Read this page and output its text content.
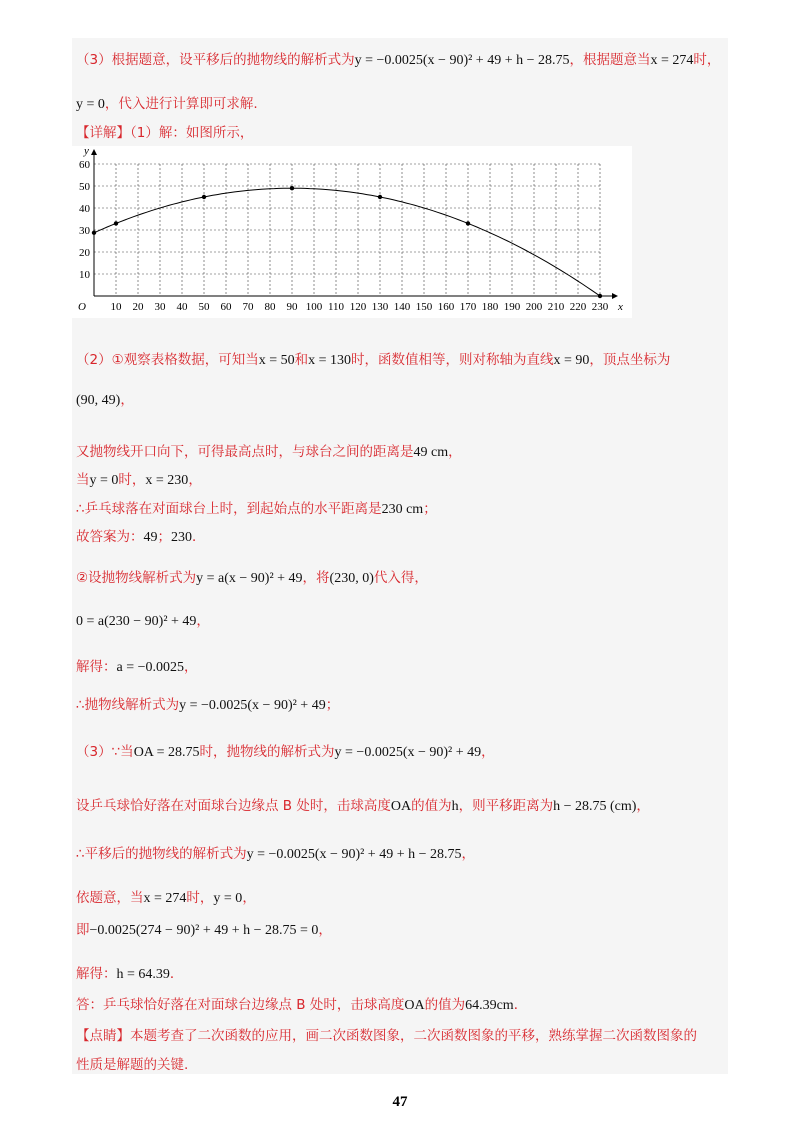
（3）根据题意，设平移后的抛物线的解析式为y = −0.0025(x − 90)² + 49 + h − 28.75，根据题意当x = 274时，
y = 0，代入进行计算即可求解.
【详解】（1）解：如图所示，
10 20 30 40 50 60 70 80 90 100 110 120 130 140 150 160 170 180 190 200 210 220 230
10
20
30
40
50
60
O	x
y
（2）①观察表格数据，可知当x = 50和x = 130时，函数值相等，则对称轴为直线x = 90，顶点坐标为
(90, 49)，
又抛物线开口向下，可得最高点时，与球台之间的距离是49 cm，
当y = 0时，x = 230，
∴乒乓球落在对面球台上时，到起始点的水平距离是230 cm；
故答案为：49；230．
②设抛物线解析式为y = a(x − 90)² + 49，将(230, 0)代入得，
0 = a(230 − 90)² + 49，
解得：a = −0.0025，
∴抛物线解析式为y = −0.0025(x − 90)² + 49；
（3）∵当OA = 28.75时，抛物线的解析式为y = −0.0025(x − 90)² + 49，
设乒乓球恰好落在对面球台边缘点 B 处时，击球高度OA的值为h，则平移距离为h − 28.75 (cm)，
∴平移后的抛物线的解析式为y = −0.0025(x − 90)² + 49 + h − 28.75，
依题意，当x = 274时，y = 0，
即−0.0025(274 − 90)² + 49 + h − 28.75 = 0，
解得：h = 64.39．
答：乒乓球恰好落在对面球台边缘点 B 处时，击球高度OA的值为64.39cm．
【点睛】本题考查了二次函数的应用，画二次函数图象，二次函数图象的平移，熟练掌握二次函数图象的
性质是解题的关键.
47
